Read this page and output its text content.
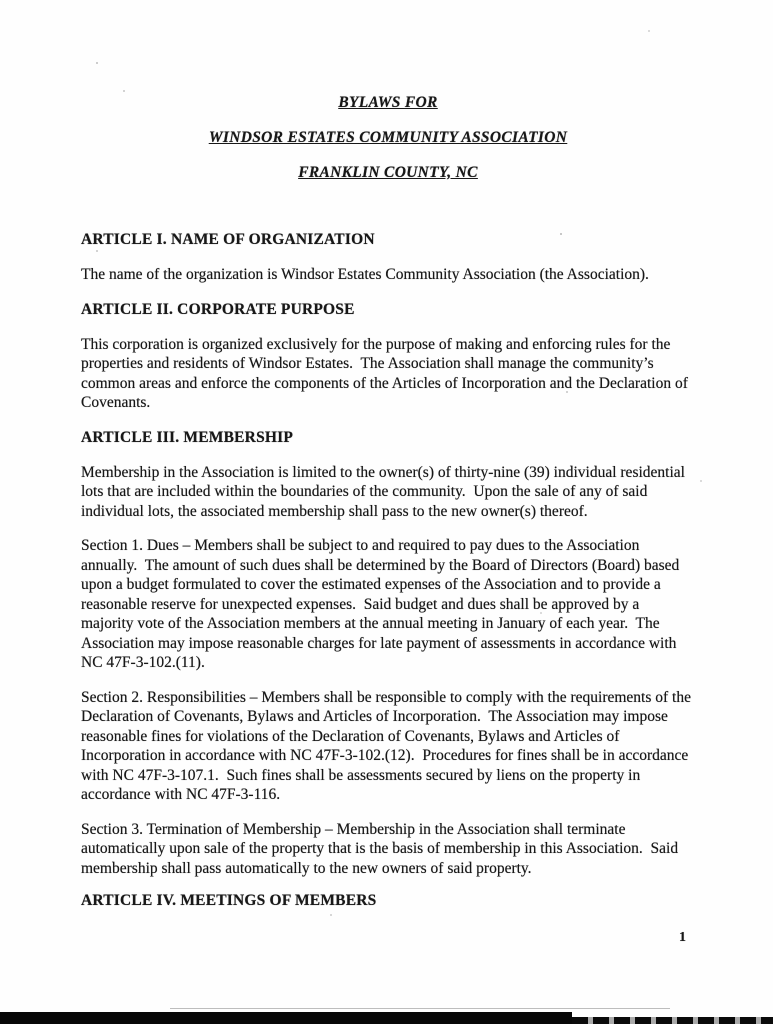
BYLAWS FOR
WINDSOR ESTATES COMMUNITY ASSOCIATION
FRANKLIN COUNTY, NC
ARTICLE I. NAME OF ORGANIZATION
The name of the organization is Windsor Estates Community Association (the Association).
ARTICLE II. CORPORATE PURPOSE
This corporation is organized exclusively for the purpose of making and enforcing rules for the properties and residents of Windsor Estates.  The Association shall manage the community’s common areas and enforce the components of the Articles of Incorporation and the Declaration of Covenants.
ARTICLE III. MEMBERSHIP
Membership in the Association is limited to the owner(s) of thirty-nine (39) individual residential lots that are included within the boundaries of the community.  Upon the sale of any of said individual lots, the associated membership shall pass to the new owner(s) thereof.
Section 1. Dues – Members shall be subject to and required to pay dues to the Association annually.  The amount of such dues shall be determined by the Board of Directors (Board) based upon a budget formulated to cover the estimated expenses of the Association and to provide a reasonable reserve for unexpected expenses.  Said budget and dues shall be approved by a majority vote of the Association members at the annual meeting in January of each year.  The Association may impose reasonable charges for late payment of assessments in accordance with NC 47F-3-102.(11).
Section 2. Responsibilities – Members shall be responsible to comply with the requirements of the Declaration of Covenants, Bylaws and Articles of Incorporation.  The Association may impose reasonable fines for violations of the Declaration of Covenants, Bylaws and Articles of Incorporation in accordance with NC 47F-3-102.(12).  Procedures for fines shall be in accordance with NC 47F-3-107.1.  Such fines shall be assessments secured by liens on the property in accordance with NC 47F-3-116.
Section 3. Termination of Membership – Membership in the Association shall terminate automatically upon sale of the property that is the basis of membership in this Association.  Said membership shall pass automatically to the new owners of said property.
ARTICLE IV. MEETINGS OF MEMBERS
1
